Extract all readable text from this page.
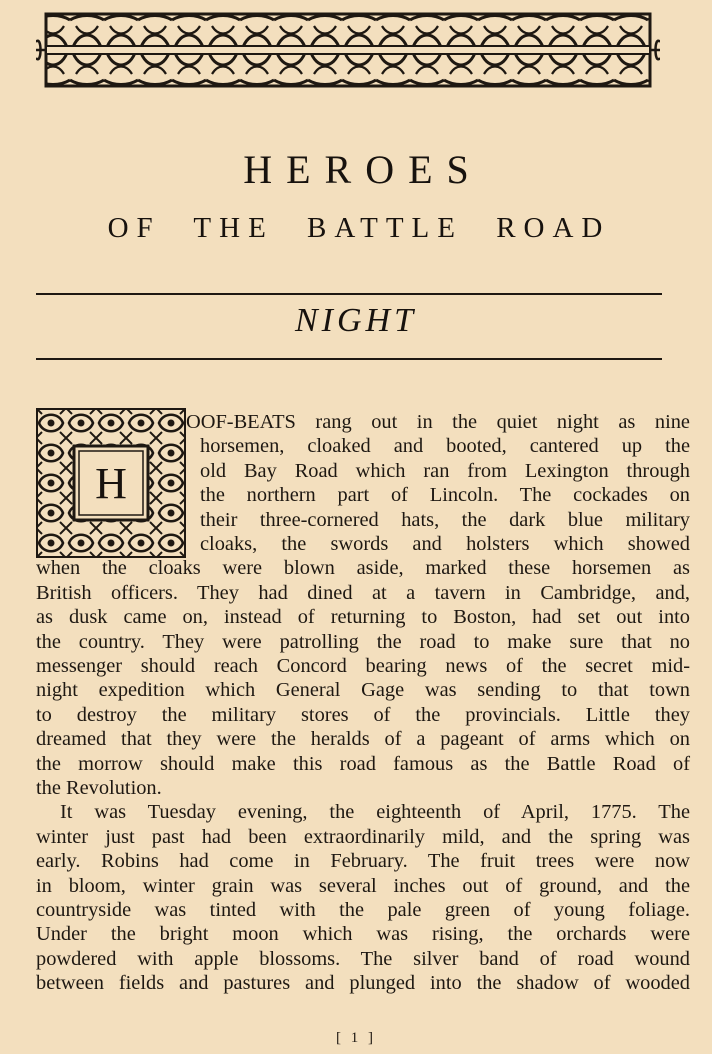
HEROES
OF THE BATTLE ROAD
NIGHT
H
OOF-BEATS rang out in the quiet night as nine
horsemen, cloaked and booted, cantered up the
old Bay Road which ran from Lexington through
the northern part of Lincoln. The cockades on
their three-cornered hats, the dark blue military
cloaks, the swords and holsters which showed
when the cloaks were blown aside, marked these horsemen as
British officers. They had dined at a tavern in Cambridge, and,
as dusk came on, instead of returning to Boston, had set out into
the country. They were patrolling the road to make sure that no
messenger should reach Concord bearing news of the secret mid-
night expedition which General Gage was sending to that town
to destroy the military stores of the provincials. Little they
dreamed that they were the heralds of a pageant of arms which on
the morrow should make this road famous as the Battle Road of
the Revolution.
It was Tuesday evening, the eighteenth of April, 1775. The
winter just past had been extraordinarily mild, and the spring was
early. Robins had come in February. The fruit trees were now
in bloom, winter grain was several inches out of ground, and the
countryside was tinted with the pale green of young foliage.
Under the bright moon which was rising, the orchards were
powdered with apple blossoms. The silver band of road wound
between fields and pastures and plunged into the shadow of wooded
[ 1 ]
